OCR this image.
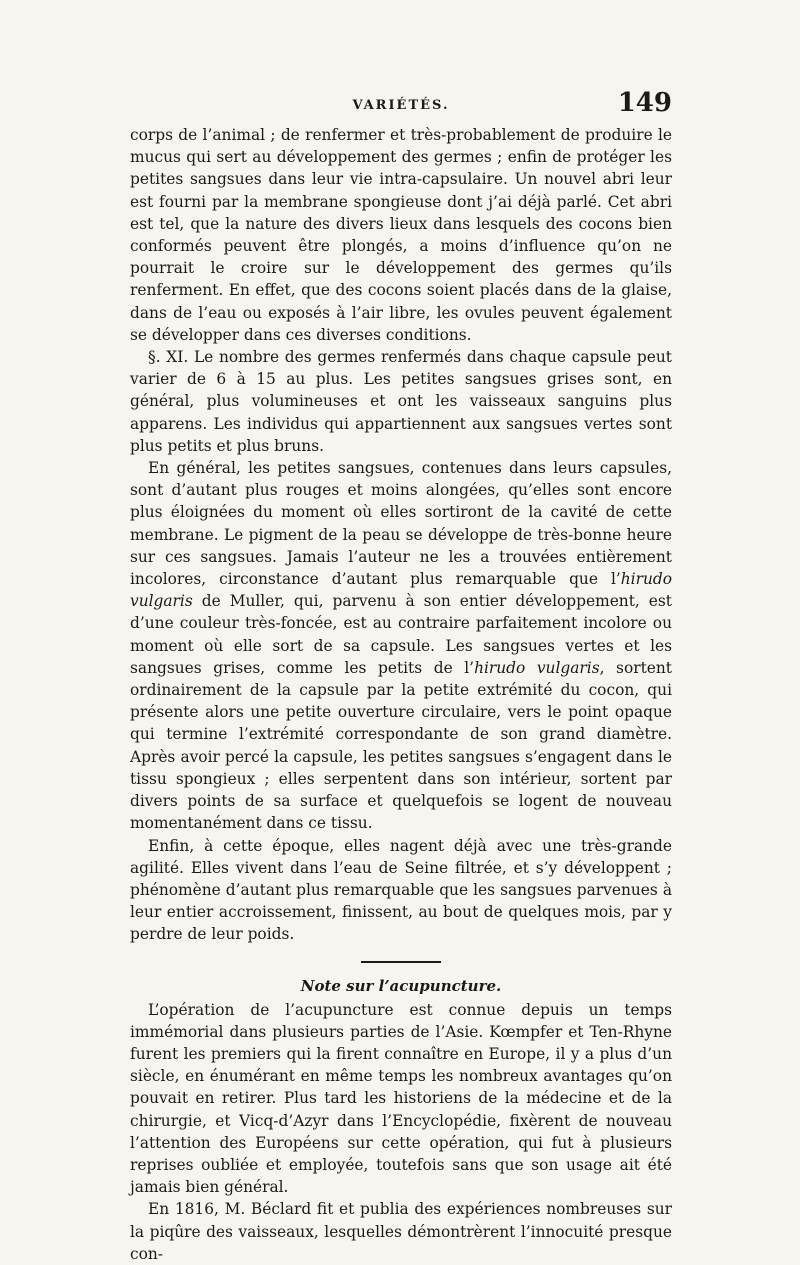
VARIÉTÉS.	149

corps de l’animal ; de renfermer et très-probablement de produire le mucus qui sert au développement des germes ; enfin de protéger les petites sangsues dans leur vie intra-capsulaire. Un nouvel abri leur est fourni par la membrane spongieuse dont j’ai déjà parlé. Cet abri est tel, que la nature des divers lieux dans lesquels des cocons bien conformés peuvent être plongés, a moins d’influence qu’on ne pourrait le croire sur le développement des germes qu’ils renferment. En effet, que des cocons soient placés dans de la glaise, dans de l’eau ou exposés à l’air libre, les ovules peuvent également se développer dans ces diverses conditions.

§. XI. Le nombre des germes renfermés dans chaque capsule peut varier de 6 à 15 au plus. Les petites sangsues grises sont, en général, plus volumineuses et ont les vaisseaux sanguins plus apparens. Les individus qui appartiennent aux sangsues vertes sont plus petits et plus bruns.

En général, les petites sangsues, contenues dans leurs capsules, sont d’autant plus rouges et moins alongées, qu’elles sont encore plus éloignées du moment où elles sortiront de la cavité de cette membrane. Le pigment de la peau se développe de très-bonne heure sur ces sangsues. Jamais l’auteur ne les a trouvées entièrement incolores, circonstance d’autant plus remarquable que l’hirudo vulgaris de Muller, qui, parvenu à son entier développement, est d’une couleur très-foncée, est au contraire parfaitement incolore ou moment où elle sort de sa capsule. Les sangsues vertes et les sangsues grises, comme les petits de l’hirudo vulgaris, sortent ordinairement de la capsule par la petite extrémité du cocon, qui présente alors une petite ouverture circulaire, vers le point opaque qui termine l’extrémité correspondante de son grand diamètre. Après avoir percé la capsule, les petites sangsues s’engagent dans le tissu spongieux ; elles serpentent dans son intérieur, sortent par divers points de sa surface et quelquefois se logent de nouveau momentanément dans ce tissu.

Enfin, à cette époque, elles nagent déjà avec une très-grande agilité. Elles vivent dans l’eau de Seine filtrée, et s’y développent ; phénomène d’autant plus remarquable que les sangsues parvenues à leur entier accroissement, finissent, au bout de quelques mois, par y perdre de leur poids.

Note sur l’acupuncture.

L’opération de l’acupuncture est connue depuis un temps immémorial dans plusieurs parties de l’Asie. Kœmpfer et Ten-Rhyne furent les premiers qui la firent connaître en Europe, il y a plus d’un siècle, en énumérant en même temps les nombreux avantages qu’on pouvait en retirer. Plus tard les historiens de la médecine et de la chirurgie, et Vicq-d’Azyr dans l’Encyclopédie, fixèrent de nouveau l’attention des Européens sur cette opération, qui fut à plusieurs reprises oubliée et employée, toutefois sans que son usage ait été jamais bien général.

En 1816, M. Béclard fit et publia des expériences nombreuses sur la piqûre des vaisseaux, lesquelles démontrèrent l’innocuité presque con-
